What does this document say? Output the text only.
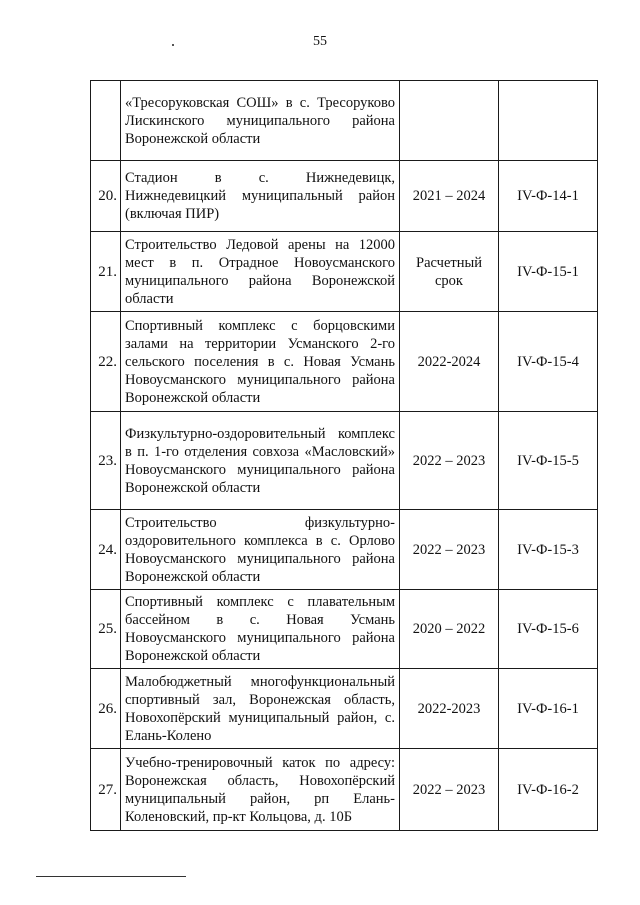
55
	«Тресоруковская СОШ» в с. Тресоруково Лискинского муниципального района Воронежской области		
20.	Стадион в с. Нижнедевицк, Нижнедевицкий муниципальный район (включая ПИР)	2021 – 2024	IV-Ф-14-1
21.	Строительство Ледовой арены на 12000 мест в п. Отрадное Новоусманского муниципального района Воронежской области	Расчетный срок	IV-Ф-15-1
22.	Спортивный комплекс с борцовскими залами на территории Усманского 2-го сельского поселения в с. Новая Усмань Новоусманского муниципального района Воронежской области	2022-2024	IV-Ф-15-4
23.	Физкультурно-оздоровительный комплекс в п. 1-го отделения совхоза «Масловский» Новоусманского муниципального района Воронежской области	2022 – 2023	IV-Ф-15-5
24.	Строительство физкультурно-оздоровительного комплекса в с. Орлово Новоусманского муниципального района Воронежской области	2022 – 2023	IV-Ф-15-3
25.	Спортивный комплекс с плавательным бассейном в с. Новая Усмань Новоусманского муниципального района Воронежской области	2020 – 2022	IV-Ф-15-6
26.	Малобюджетный многофункциональный спортивный зал, Воронежская область, Новохопёрский муниципальный район, с. Елань-Колено	2022-2023	IV-Ф-16-1
27.	Учебно-тренировочный каток по адресу: Воронежская область, Новохопёрский муниципальный район, рп Елань-Коленовский, пр-кт Кольцова, д. 10Б	2022 – 2023	IV-Ф-16-2
